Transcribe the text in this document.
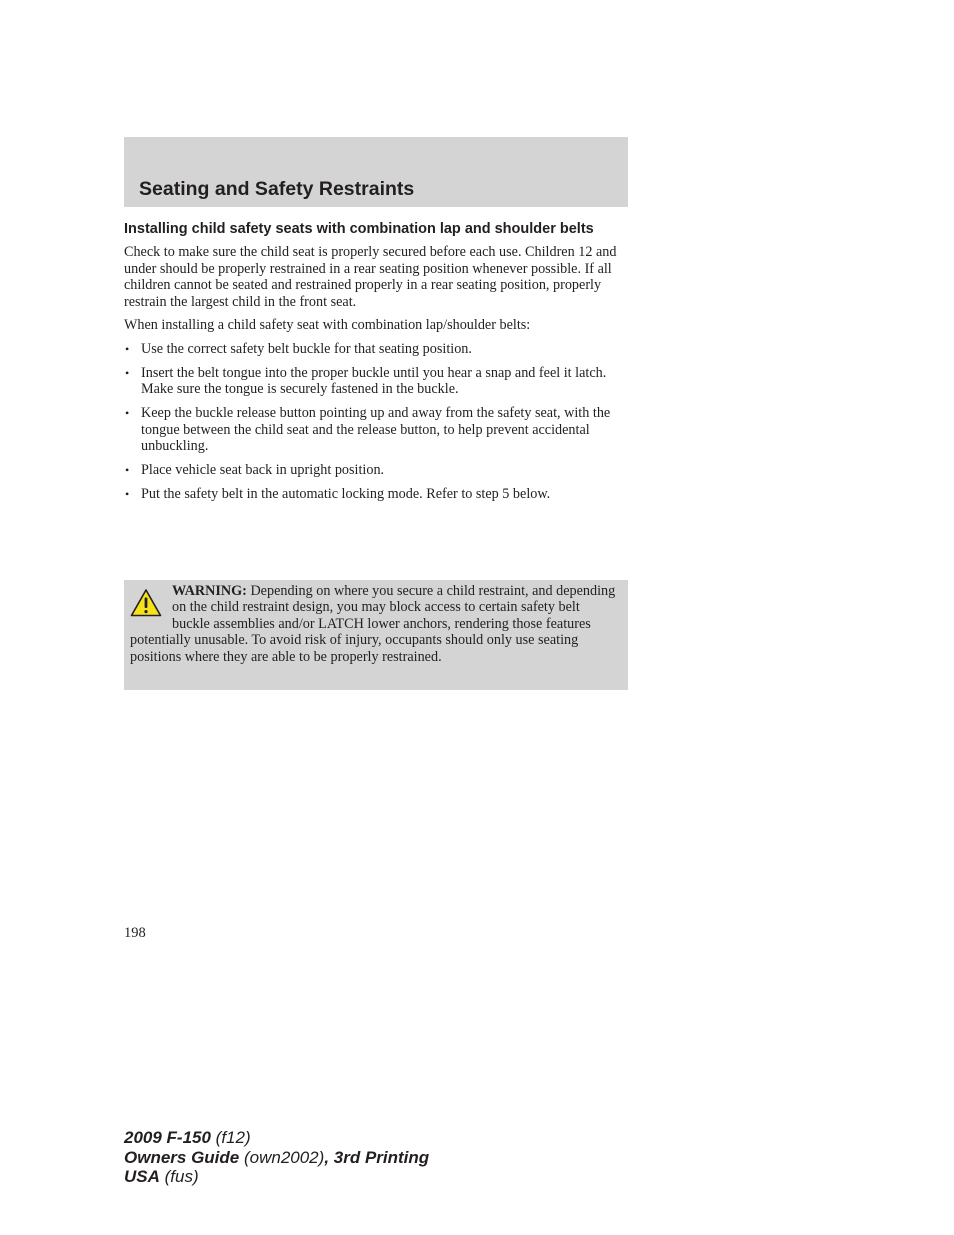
Seating and Safety Restraints
Installing child safety seats with combination lap and shoulder belts

Check to make sure the child seat is properly secured before each use. Children 12 and under should be properly restrained in a rear seating position whenever possible. If all children cannot be seated and restrained properly in a rear seating position, properly restrain the largest child in the front seat.

When installing a child safety seat with combination lap/shoulder belts:

• Use the correct safety belt buckle for that seating position.
• Insert the belt tongue into the proper buckle until you hear a snap and feel it latch. Make sure the tongue is securely fastened in the buckle.
• Keep the buckle release button pointing up and away from the safety seat, with the tongue between the child seat and the release button, to help prevent accidental unbuckling.
• Place vehicle seat back in upright position.
• Put the safety belt in the automatic locking mode. Refer to step 5 below.
WARNING: Depending on where you secure a child restraint, and depending on the child restraint design, you may block access to certain safety belt buckle assemblies and/or LATCH lower anchors, rendering those features potentially unusable. To avoid risk of injury, occupants should only use seating positions where they are able to be properly restrained.
198
2009 F-150 (f12)
Owners Guide (own2002), 3rd Printing
USA (fus)
